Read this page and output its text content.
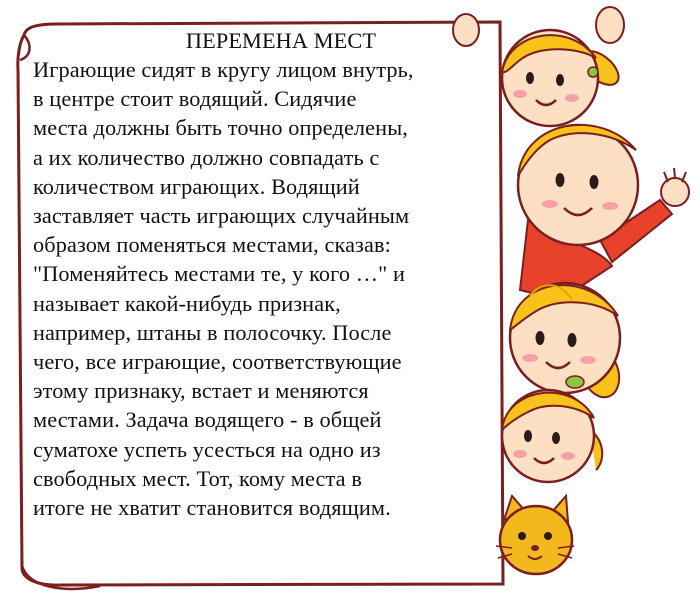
ПЕРЕМЕНА МЕСТ
Играющие сидят в кругу лицом внутрь,
в центре стоит водящий. Сидячие
места должны быть точно определены,
а их количество должно совпадать с
количеством играющих. Водящий
заставляет часть играющих случайным
образом поменяться местами, сказав:
"Поменяйтесь местами те, у кого …" и
называет какой-нибудь признак,
например, штаны в полосочку. После
чего, все играющие, соответствующие
этому признаку, встает и меняются
местами. Задача водящего - в общей
суматохе успеть усесться на одно из
свободных мест. Тот, кому места в
итоге не хватит становится водящим.
